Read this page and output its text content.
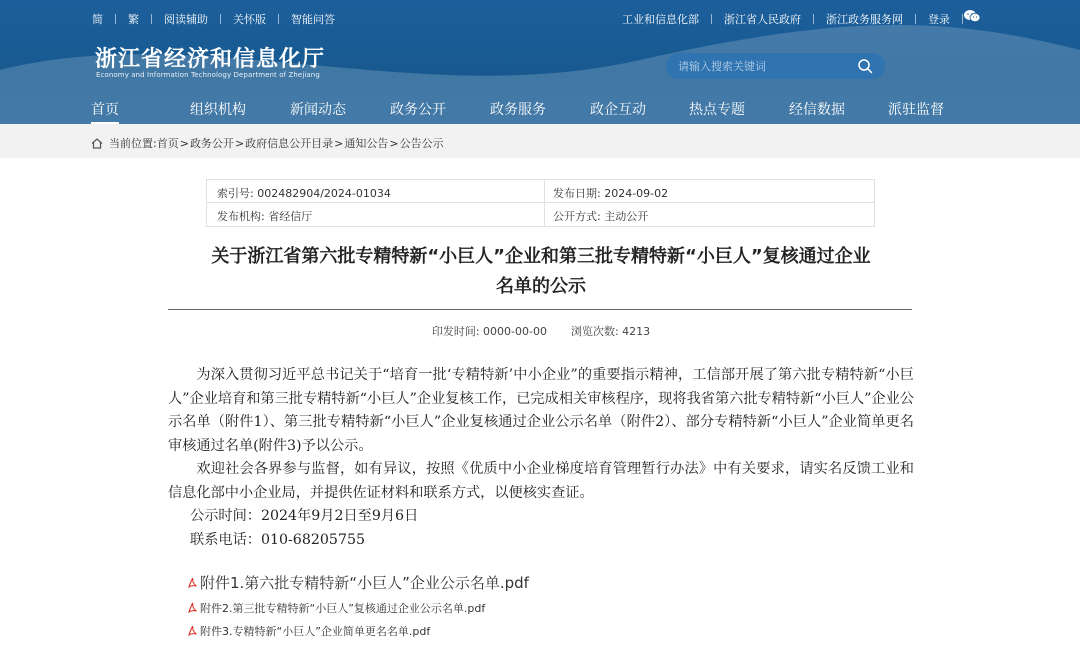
简 繁 阅读辅助 关怀版 智能问答	工业和信息化部 浙江省人民政府 浙江政务服务网 登录
浙江省经济和信息化厅
Economy and Information Technology Department of Zhejiang
请输入搜索关键词
首页	组织机构	新闻动态	政务公开	政务服务	政企互动	热点专题	经信数据	派驻监督
当前位置: 首页 > 政务公开 > 政府信息公开目录 > 通知公告 > 公告公示
索引号: 002482904/2024-01034	发布日期: 2024-09-02
发布机构: 省经信厅	公开方式: 主动公开
关于浙江省第六批专精特新“小巨人”企业和第三批专精特新“小巨人”复核通过企业
名单的公示
印发时间: 0000-00-00 浏览次数: 4213

为深入贯彻习近平总书记关于“培育一批‘专精特新’中小企业”的重要指示精神，工信部开展了第六批专精特新“小巨人”企业培育和第三批专精特新“小巨人”企业复核工作，已完成相关审核程序，现将我省第六批专精特新“小巨人”企业公示名单（附件1）、第三批专精特新“小巨人”企业复核通过企业公示名单（附件2）、部分专精特新“小巨人”企业简单更名审核通过名单(附件3)予以公示。

欢迎社会各界参与监督，如有异议，按照《优质中小企业梯度培育管理暂行办法》中有关要求，请实名反馈工业和信息化部中小企业局，并提供佐证材料和联系方式，以便核实查证。

公示时间：2024年9月2日至9月6日

联系电话：010-68205755

附件1.第六批专精特新“小巨人”企业公示名单.pdf
附件2.第三批专精特新“小巨人”复核通过企业公示名单.pdf
附件3.专精特新“小巨人”企业简单更名名单.pdf
